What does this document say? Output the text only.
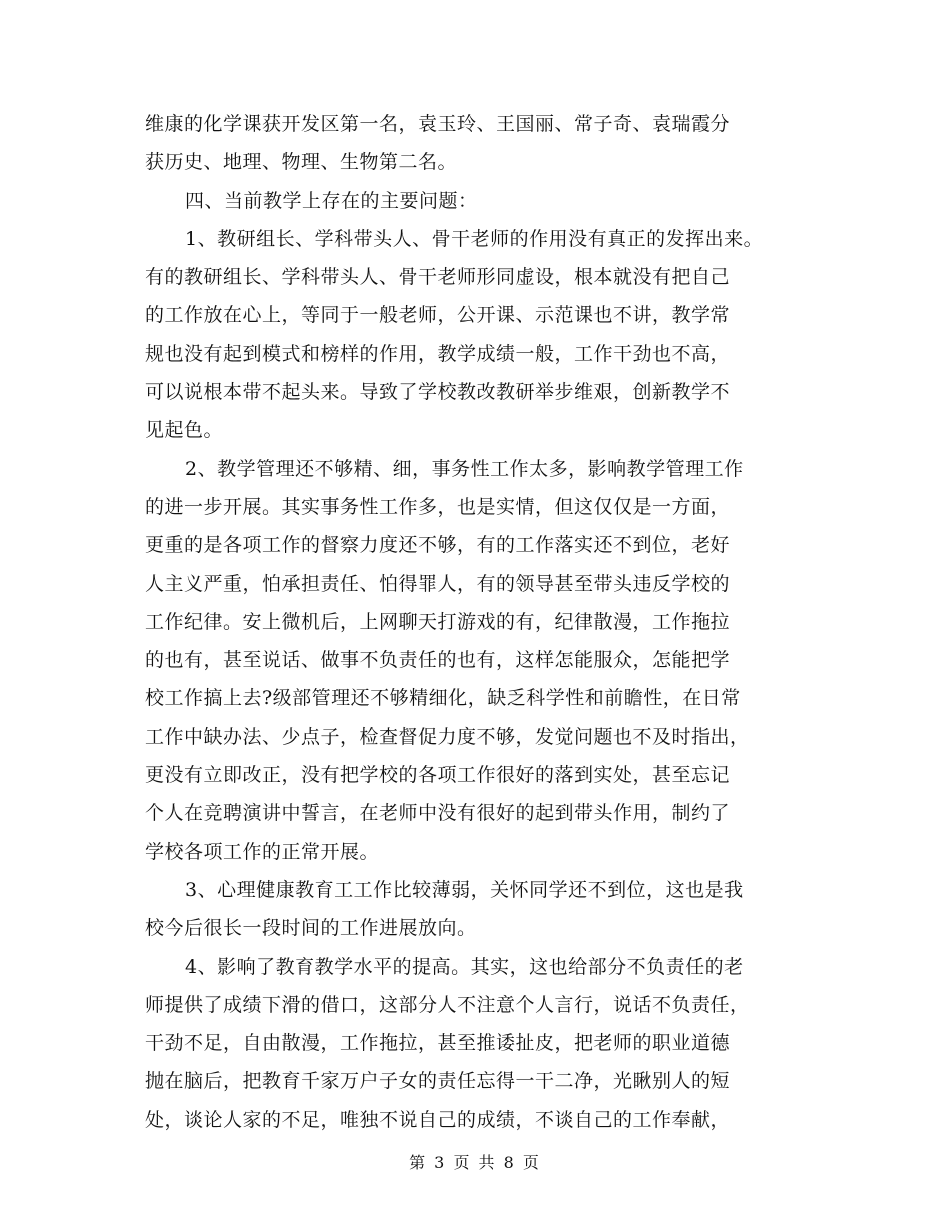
维康的化学课获开发区第一名，袁玉玲、王国丽、常子奇、袁瑞霞分
获历史、地理、物理、生物第二名。
四、当前教学上存在的主要问题：
1、教研组长、学科带头人、骨干老师的作用没有真正的发挥出来。
有的教研组长、学科带头人、骨干老师形同虚设，根本就没有把自己
的工作放在心上，等同于一般老师，公开课、示范课也不讲，教学常
规也没有起到模式和榜样的作用，教学成绩一般，工作干劲也不高，
可以说根本带不起头来。导致了学校教改教研举步维艰，创新教学不
见起色。
2、教学管理还不够精、细，事务性工作太多，影响教学管理工作
的进一步开展。其实事务性工作多，也是实情，但这仅仅是一方面，
更重的是各项工作的督察力度还不够，有的工作落实还不到位，老好
人主义严重，怕承担责任、怕得罪人，有的领导甚至带头违反学校的
工作纪律。安上微机后，上网聊天打游戏的有，纪律散漫，工作拖拉
的也有，甚至说话、做事不负责任的也有，这样怎能服众，怎能把学
校工作搞上去?级部管理还不够精细化，缺乏科学性和前瞻性，在日常
工作中缺办法、少点子，检查督促力度不够，发觉问题也不及时指出，
更没有立即改正，没有把学校的各项工作很好的落到实处，甚至忘记
个人在竞聘演讲中誓言，在老师中没有很好的起到带头作用，制约了
学校各项工作的正常开展。
3、心理健康教育工工作比较薄弱，关怀同学还不到位，这也是我
校今后很长一段时间的工作进展放向。
4、影响了教育教学水平的提高。其实，这也给部分不负责任的老
师提供了成绩下滑的借口，这部分人不注意个人言行，说话不负责任，
干劲不足，自由散漫，工作拖拉，甚至推诿扯皮，把老师的职业道德
抛在脑后，把教育千家万户子女的责任忘得一干二净，光瞅别人的短
处，谈论人家的不足，唯独不说自己的成绩，不谈自己的工作奉献，
第 3 页 共 8 页
